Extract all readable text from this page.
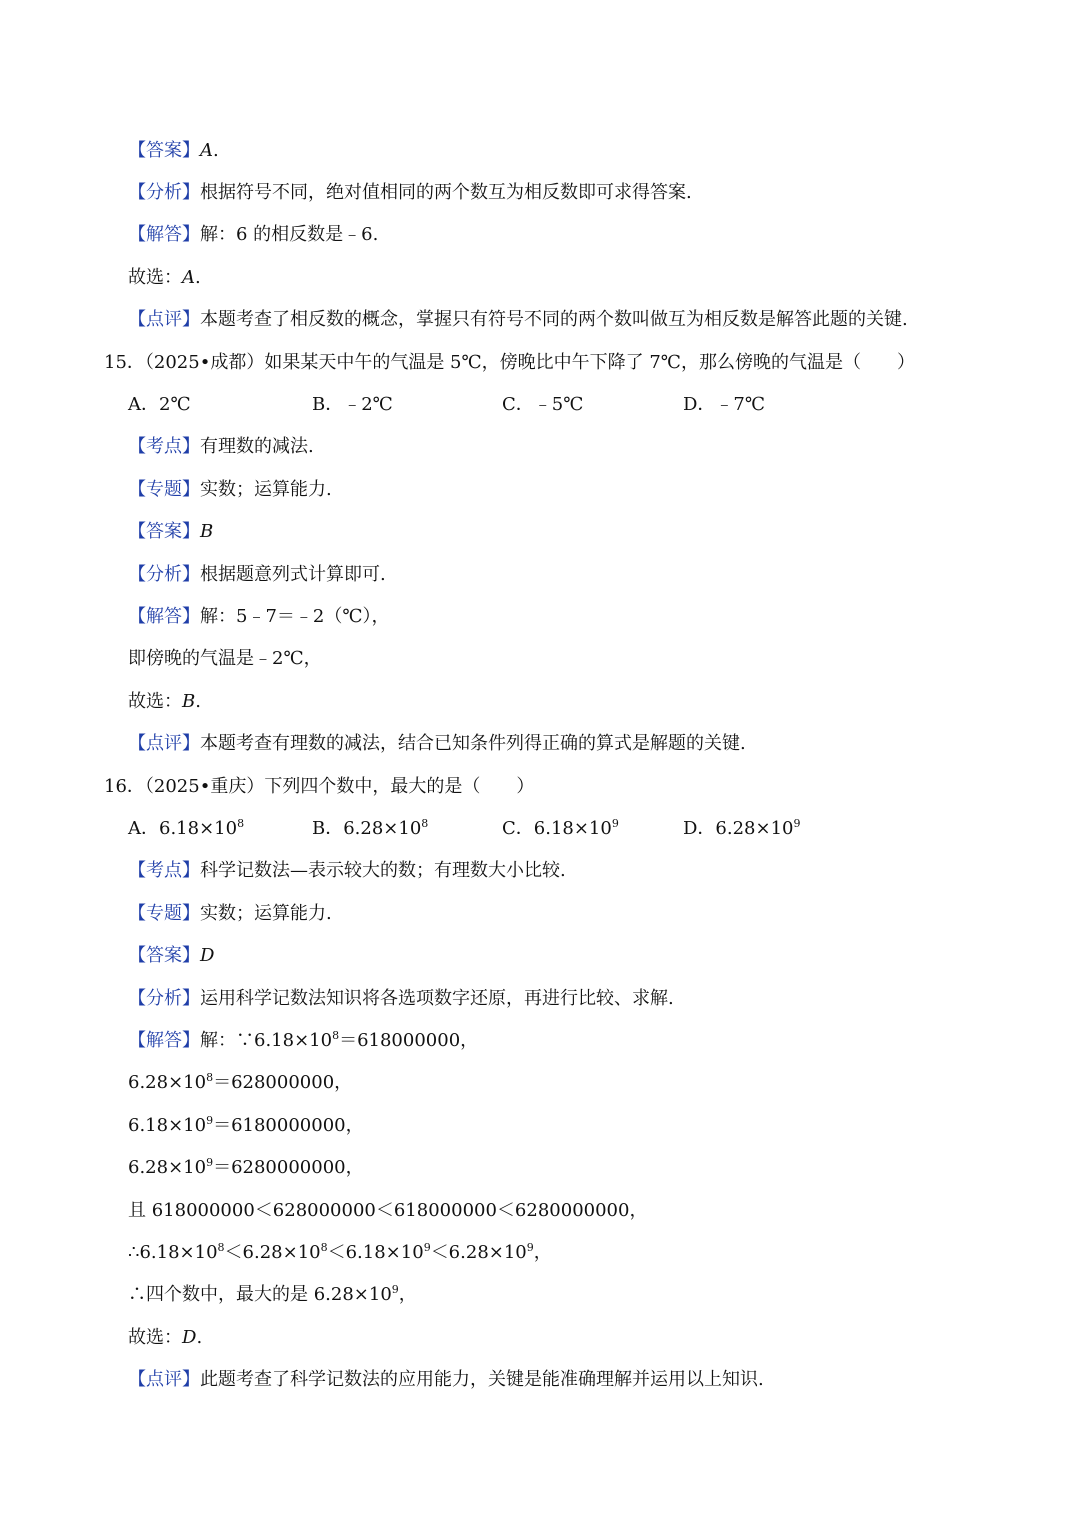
【答案】A.
【分析】根据符号不同，绝对值相同的两个数互为相反数即可求得答案.
【解答】解：6 的相反数是﹣6.
故选：A.
【点评】本题考查了相反数的概念，掌握只有符号不同的两个数叫做互为相反数是解答此题的关键.
15．（2025•成都）如果某天中午的气温是 5℃，傍晚比中午下降了 7℃，那么傍晚的气温是（　　）
A．2℃	B．﹣2℃	C．﹣5℃	D．﹣7℃
【考点】有理数的减法.
【专题】实数；运算能力.
【答案】B
【分析】根据题意列式计算即可.
【解答】解：5﹣7＝﹣2（℃），
即傍晚的气温是﹣2℃，
故选：B.
【点评】本题考查有理数的减法，结合已知条件列得正确的算式是解题的关键.
16．（2025•重庆）下列四个数中，最大的是（　　）
A．$6.18\times 10^8$	B．$6.28\times 10^8$	C．$6.18\times 10^9$	D．$6.28\times 10^9$
【考点】科学记数法—表示较大的数；有理数大小比较.
【专题】实数；运算能力.
【答案】D
【分析】运用科学记数法知识将各选项数字还原，再进行比较、求解.
【解答】解：$\because 6.18\times 10^8=618000000$，
$6.28\times 10^8=628000000$，
$6.18\times 10^9=6180000000$，
$6.28\times 10^9=6280000000$，
且 618000000＜628000000＜618000000＜6280000000，
$\therefore 6.18\times 10^8<6.28\times 10^8<6.18\times 10^9<6.28\times 10^9$，
∴四个数中，最大的是 $6.28\times 10^9$，
故选：D.
【点评】此题考查了科学记数法的应用能力，关键是能准确理解并运用以上知识.
